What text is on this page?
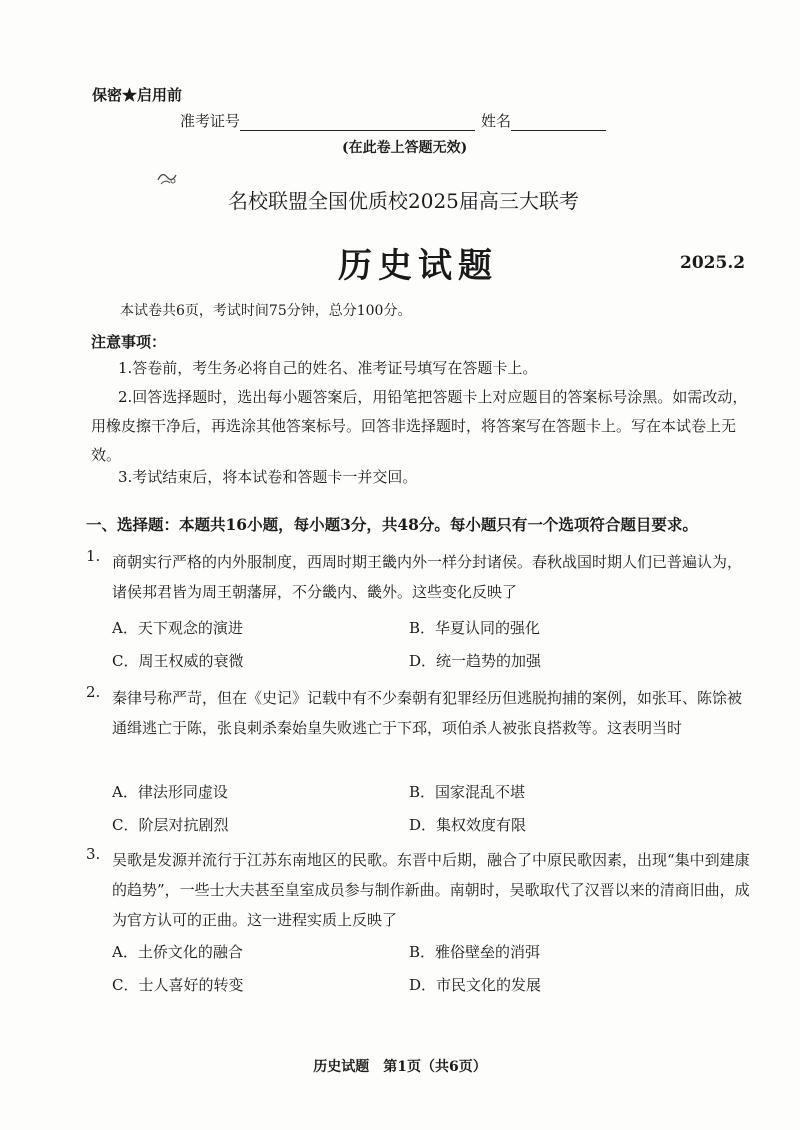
保密★启用前
准考证号	姓名
(在此卷上答题无效)
名校联盟全国优质校2025届高三大联考
历史试题	2025.2
本试卷共6页，考试时间75分钟，总分100分。
注意事项：
1.答卷前，考生务必将自己的姓名、准考证号填写在答题卡上。
2.回答选择题时，选出每小题答案后，用铅笔把答题卡上对应题目的答案标号涂黑。如需改动，用橡皮擦干净后，再选涂其他答案标号。回答非选择题时，将答案写在答题卡上。写在本试卷上无效。
3.考试结束后，将本试卷和答题卡一并交回。
一、选择题：本题共16小题，每小题3分，共48分。每小题只有一个选项符合题目要求。
1. 商朝实行严格的内外服制度，西周时期王畿内外一样分封诸侯。春秋战国时期人们已普遍认为，诸侯邦君皆为周王朝藩屏，不分畿内、畿外。这些变化反映了
A．天下观念的演进	B．华夏认同的强化
C．周王权威的衰微	D．统一趋势的加强
2. 秦律号称严苛，但在《史记》记载中有不少秦朝有犯罪经历但逃脱拘捕的案例，如张耳、陈馀被通缉逃亡于陈，张良刺杀秦始皇失败逃亡于下邳，项伯杀人被张良搭救等。这表明当时
A．律法形同虚设	B．国家混乱不堪
C．阶层对抗剧烈	D．集权效度有限
3. 吴歌是发源并流行于江苏东南地区的民歌。东晋中后期，融合了中原民歌因素，出现“集中到建康的趋势”，一些士大夫甚至皇室成员参与制作新曲。南朝时，吴歌取代了汉晋以来的清商旧曲，成为官方认可的正曲。这一进程实质上反映了
A．土侨文化的融合	B．雅俗壁垒的消弭
C．士人喜好的转变	D．市民文化的发展
历史试题　第1页（共6页）
